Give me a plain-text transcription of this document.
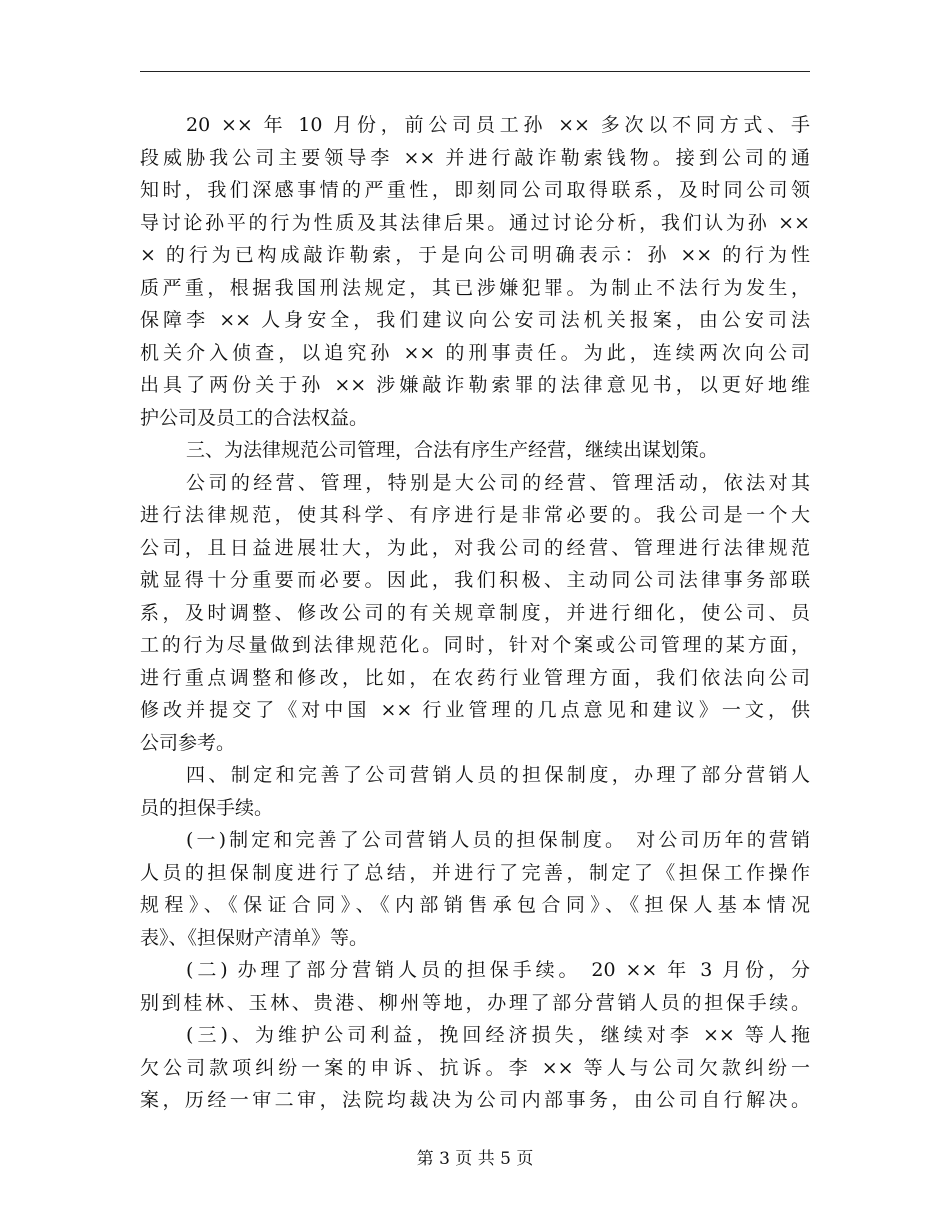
20 ×× 年 10 月份，前公司员工孙 ×× 多次以不同方式、手
段威胁我公司主要领导李 ×× 并进行敲诈勒索钱物。接到公司的通
知时，我们深感事情的严重性，即刻同公司取得联系，及时同公司领
导讨论孙平的行为性质及其法律后果。通过讨论分析，我们认为孙 ××
× 的行为已构成敲诈勒索，于是向公司明确表示：孙 ×× 的行为性
质严重，根据我国刑法规定，其已涉嫌犯罪。为制止不法行为发生，
保障李 ×× 人身安全，我们建议向公安司法机关报案，由公安司法
机关介入侦查，以追究孙 ×× 的刑事责任。为此，连续两次向公司
出具了两份关于孙 ×× 涉嫌敲诈勒索罪的法律意见书，以更好地维
护公司及员工的合法权益。
三、为法律规范公司管理，合法有序生产经营，继续出谋划策。
公司的经营、管理，特别是大公司的经营、管理活动，依法对其
进行法律规范，使其科学、有序进行是非常必要的。我公司是一个大
公司，且日益进展壮大，为此，对我公司的经营、管理进行法律规范
就显得十分重要而必要。因此，我们积极、主动同公司法律事务部联
系，及时调整、修改公司的有关规章制度，并进行细化，使公司、员
工的行为尽量做到法律规范化。同时，针对个案或公司管理的某方面，
进行重点调整和修改，比如，在农药行业管理方面，我们依法向公司
修改并提交了《对中国 ×× 行业管理的几点意见和建议》一文，供
公司参考。
四、制定和完善了公司营销人员的担保制度，办理了部分营销人
员的担保手续。
(一)制定和完善了公司营销人员的担保制度。 对公司历年的营销
人员的担保制度进行了总结，并进行了完善，制定了《担保工作操作
规程》、《保证合同》、《内部销售承包合同》、《担保人基本情况
表》、《担保财产清单》等。
(二) 办理了部分营销人员的担保手续。 20 ×× 年 3 月份，分
别到桂林、玉林、贵港、柳州等地，办理了部分营销人员的担保手续。
(三)、为维护公司利益，挽回经济损失，继续对李 ×× 等人拖
欠公司款项纠纷一案的申诉、抗诉。李 ×× 等人与公司欠款纠纷一
案，历经一审二审，法院均裁决为公司内部事务，由公司自行解决。
第 3 页 共 5 页
